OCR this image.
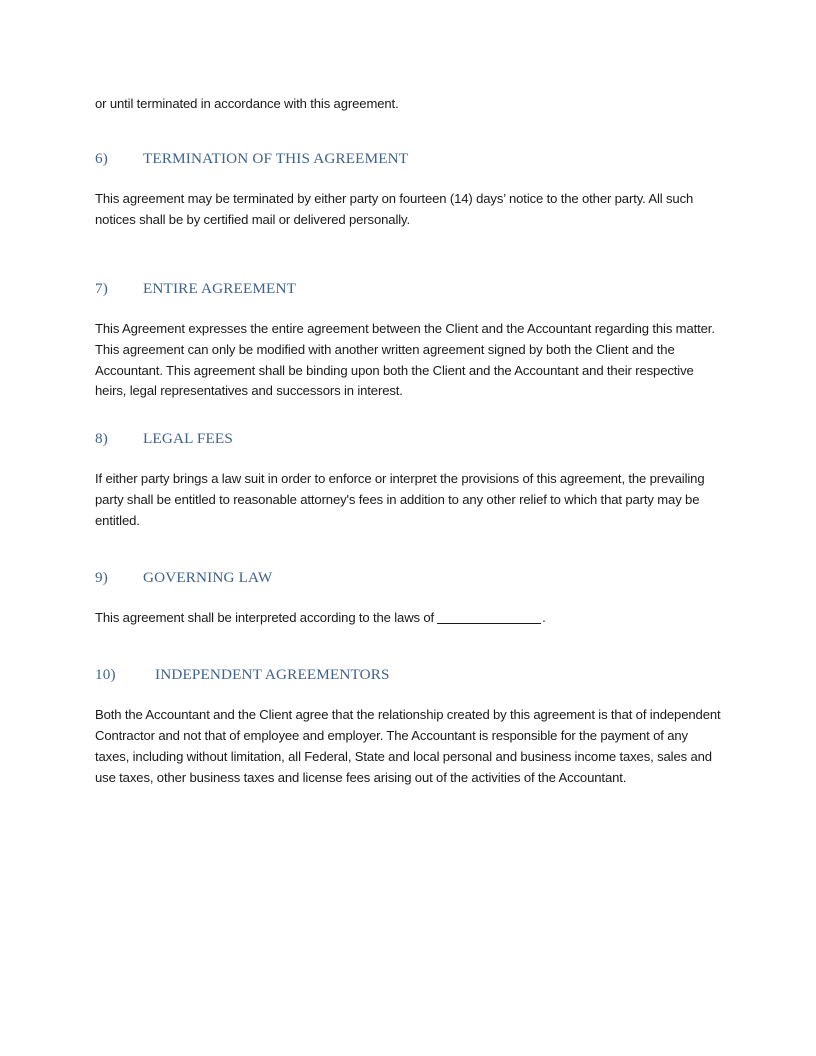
or until terminated in accordance with this agreement.

6) TERMINATION OF THIS AGREEMENT

This agreement may be terminated by either party on fourteen (14) days’ notice to the other party. All such notices shall be by certified mail or delivered personally.

7) ENTIRE AGREEMENT

This Agreement expresses the entire agreement between the Client and the Accountant regarding this matter. This agreement can only be modified with another written agreement signed by both the Client and the Accountant. This agreement shall be binding upon both the Client and the Accountant and their respective heirs, legal representatives and successors in interest.

8) LEGAL FEES

If either party brings a law suit in order to enforce or interpret the provisions of this agreement, the prevailing party shall be entitled to reasonable attorney's fees in addition to any other relief to which that party may be entitled.

9) GOVERNING LAW

This agreement shall be interpreted according to the laws of	.

10)	INDEPENDENT AGREEMENTORS

Both the Accountant and the Client agree that the relationship created by this agreement is that of independent Contractor and not that of employee and employer. The Accountant is responsible for the payment of any taxes, including without limitation, all Federal, State and local personal and business income taxes, sales and use taxes, other business taxes and license fees arising out of the activities of the Accountant.
